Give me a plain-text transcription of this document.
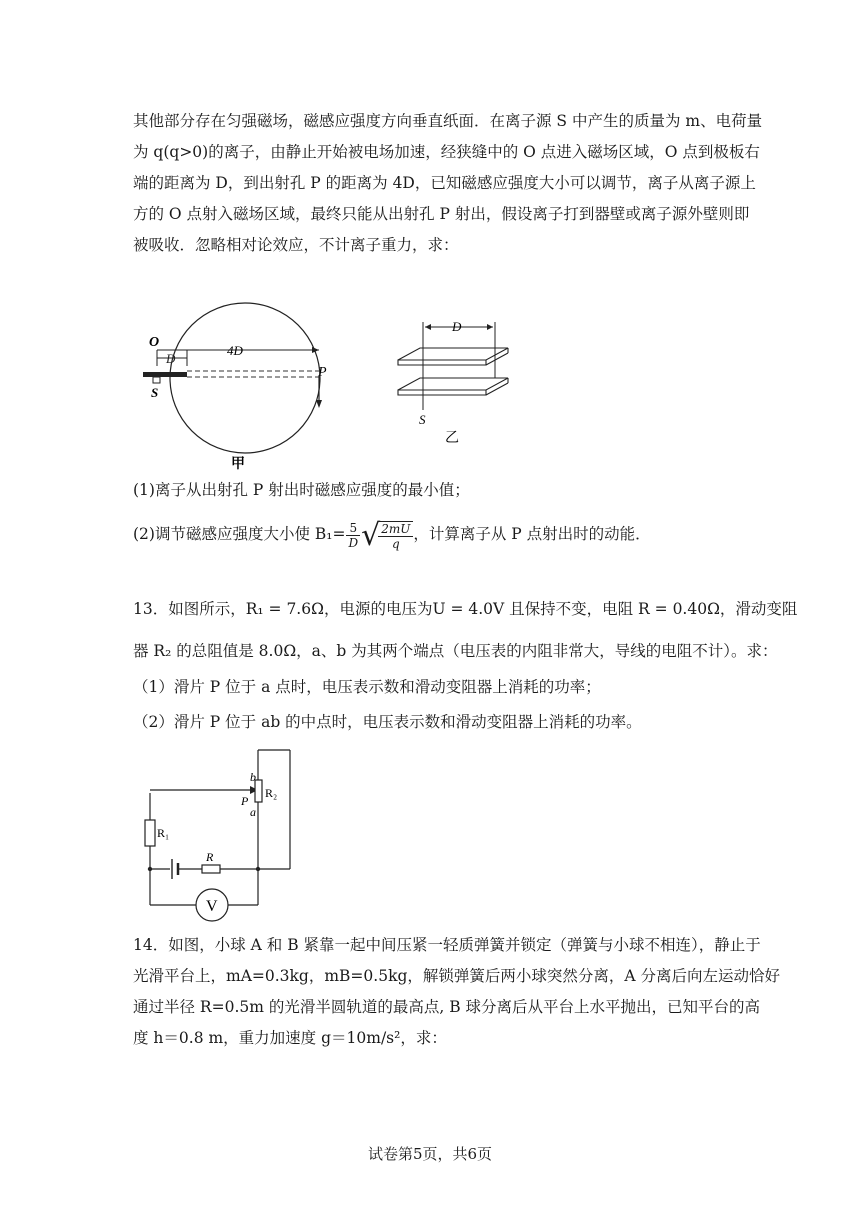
其他部分存在匀强磁场，磁感应强度方向垂直纸面．在离子源 S 中产生的质量为 m、电荷量
为 q(q>0)的离子，由静止开始被电场加速，经狭缝中的 O 点进入磁场区域，O 点到极板右
端的距离为 D，到出射孔 P 的距离为 4D，已知磁感应强度大小可以调节，离子从离子源上
方的 O 点射入磁场区域，最终只能从出射孔 P 射出，假设离子打到器壁或离子源外壁则即
被吸收．忽略相对论效应，不计离子重力，求：
O
D
4D
S
P
甲
D
S
乙
(1)离子从出射孔 P 射出时磁感应强度的最小值；
(2)调节磁感应强度大小使 $B_1= \frac{5}{D}$ √
$\frac{2mU}{q}$ ，计算离子从 P 点射出时的动能．
13．如图所示，R₁ = 7.6Ω，电源的电压为U = 4.0V 且保持不变，电阻 R = 0.40Ω，滑动变阻
器 R₂ 的总阻值是 8.0Ω，a、b 为其两个端点（电压表的内阻非常大，导线的电阻不计）。求：
（1）滑片 P 位于 a 点时，电压表示数和滑动变阻器上消耗的功率；
（2）滑片 P 位于 ab 的中点时，电压表示数和滑动变阻器上消耗的功率。
V
b
P
a
R₂
R₁
R
14．如图，小球 A 和 B 紧靠一起中间压紧一轻质弹簧并锁定（弹簧与小球不相连），静止于
光滑平台上，mA=0.3kg，mB=0.5kg，解锁弹簧后两小球突然分离，A 分离后向左运动恰好
通过半径 R=0.5m 的光滑半圆轨道的最高点, B 球分离后从平台上水平抛出，已知平台的高
度 h＝0.8 m，重力加速度 g＝10m/s²，求：
试卷第5页，共6页
